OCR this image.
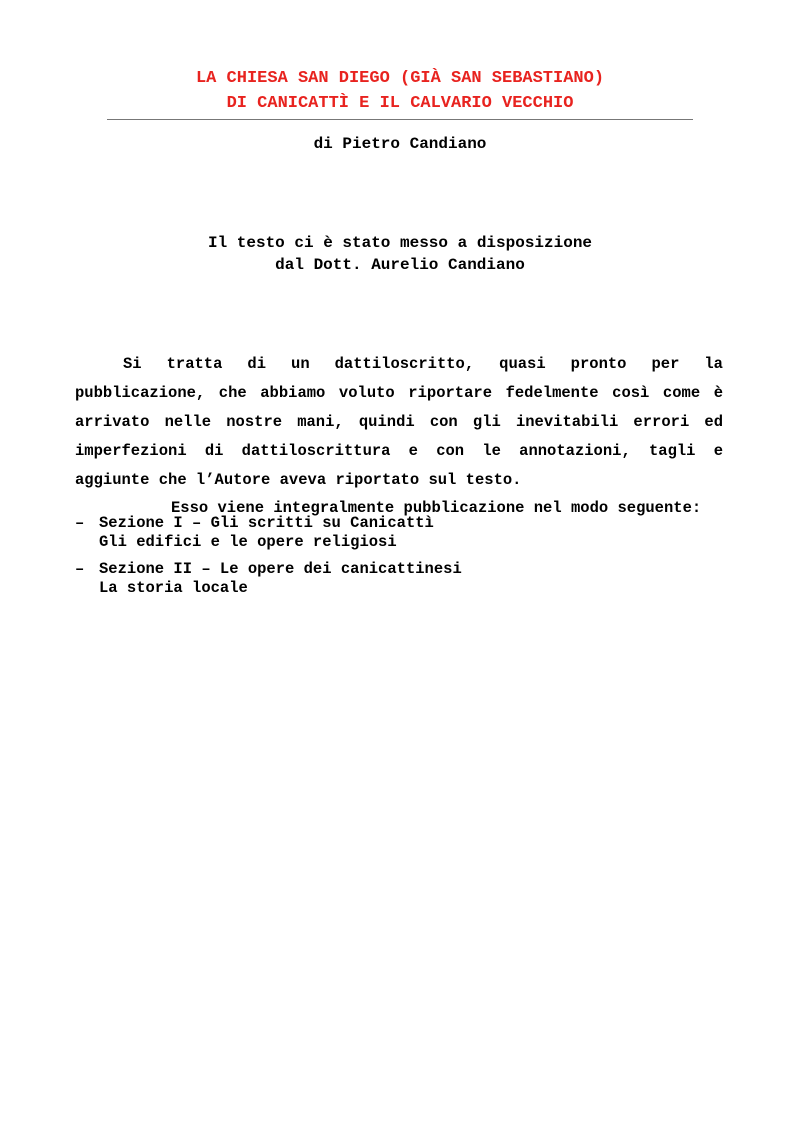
LA CHIESA SAN DIEGO (GIÀ SAN SEBASTIANO)
DI CANICATTÌ E IL CALVARIO VECCHIO
di Pietro Candiano
Il testo ci è stato messo a disposizione
dal Dott. Aurelio Candiano

Si tratta di un dattiloscritto, quasi pronto per la pubblicazione, che abbiamo voluto riportare fedelmente così come è arrivato nelle nostre mani, quindi con gli inevitabili errori ed imperfezioni di dattiloscrittura e con le annotazioni, tagli e aggiunte che l’Autore aveva riportato sul testo.

Esso viene integralmente pubblicazione nel modo seguente:

– Sezione I – Gli scritti su Canicattì
Gli edifici e le opere religiosi
– Sezione II – Le opere dei canicattinesi
La storia locale
